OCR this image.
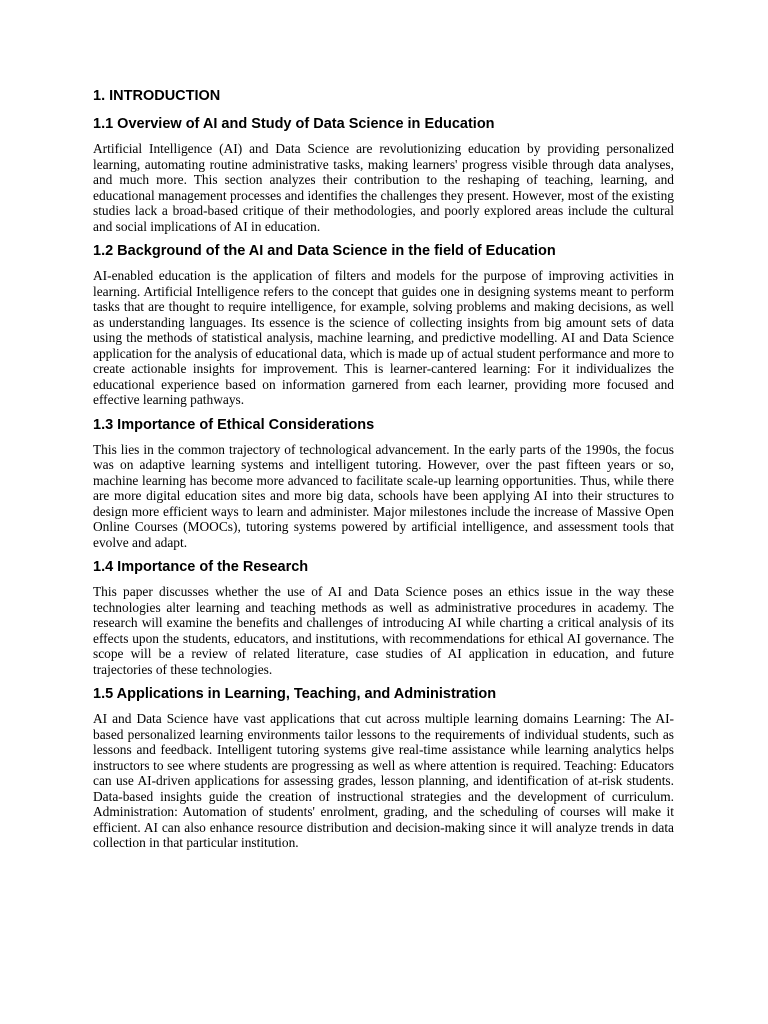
1. INTRODUCTION
1.1 Overview of AI and Study of Data Science in Education

Artificial Intelligence (AI) and Data Science are revolutionizing education by providing personalized learning, automating routine administrative tasks, making learners' progress visible through data analyses, and much more. This section analyzes their contribution to the reshaping of teaching, learning, and educational management processes and identifies the challenges they present. However, most of the existing studies lack a broad-based critique of their methodologies, and poorly explored areas include the cultural and social implications of AI in education.

1.2 Background of the AI and Data Science in the field of Education

AI-enabled education is the application of filters and models for the purpose of improving activities in learning. Artificial Intelligence refers to the concept that guides one in designing systems meant to perform tasks that are thought to require intelligence, for example, solving problems and making decisions, as well as understanding languages. Its essence is the science of collecting insights from big amount sets of data using the methods of statistical analysis, machine learning, and predictive modelling. AI and Data Science application for the analysis of educational data, which is made up of actual student performance and more to create actionable insights for improvement. This is learner-cantered learning: For it individualizes the educational experience based on information garnered from each learner, providing more focused and effective learning pathways.

1.3 Importance of Ethical Considerations

This lies in the common trajectory of technological advancement. In the early parts of the 1990s, the focus was on adaptive learning systems and intelligent tutoring. However, over the past fifteen years or so, machine learning has become more advanced to facilitate scale-up learning opportunities. Thus, while there are more digital education sites and more big data, schools have been applying AI into their structures to design more efficient ways to learn and administer. Major milestones include the increase of Massive Open Online Courses (MOOCs), tutoring systems powered by artificial intelligence, and assessment tools that evolve and adapt.

1.4 Importance of the Research

This paper discusses whether the use of AI and Data Science poses an ethics issue in the way these technologies alter learning and teaching methods as well as administrative procedures in academy. The research will examine the benefits and challenges of introducing AI while charting a critical analysis of its effects upon the students, educators, and institutions, with recommendations for ethical AI governance. The scope will be a review of related literature, case studies of AI application in education, and future trajectories of these technologies.

1.5 Applications in Learning, Teaching, and Administration

AI and Data Science have vast applications that cut across multiple learning domains Learning: The AI-based personalized learning environments tailor lessons to the requirements of individual students, such as lessons and feedback. Intelligent tutoring systems give real-time assistance while learning analytics helps instructors to see where students are progressing as well as where attention is required. Teaching: Educators can use AI-driven applications for assessing grades, lesson planning, and identification of at-risk students. Data-based insights guide the creation of instructional strategies and the development of curriculum. Administration: Automation of students' enrolment, grading, and the scheduling of courses will make it efficient. AI can also enhance resource distribution and decision-making since it will analyze trends in data collection in that particular institution.
